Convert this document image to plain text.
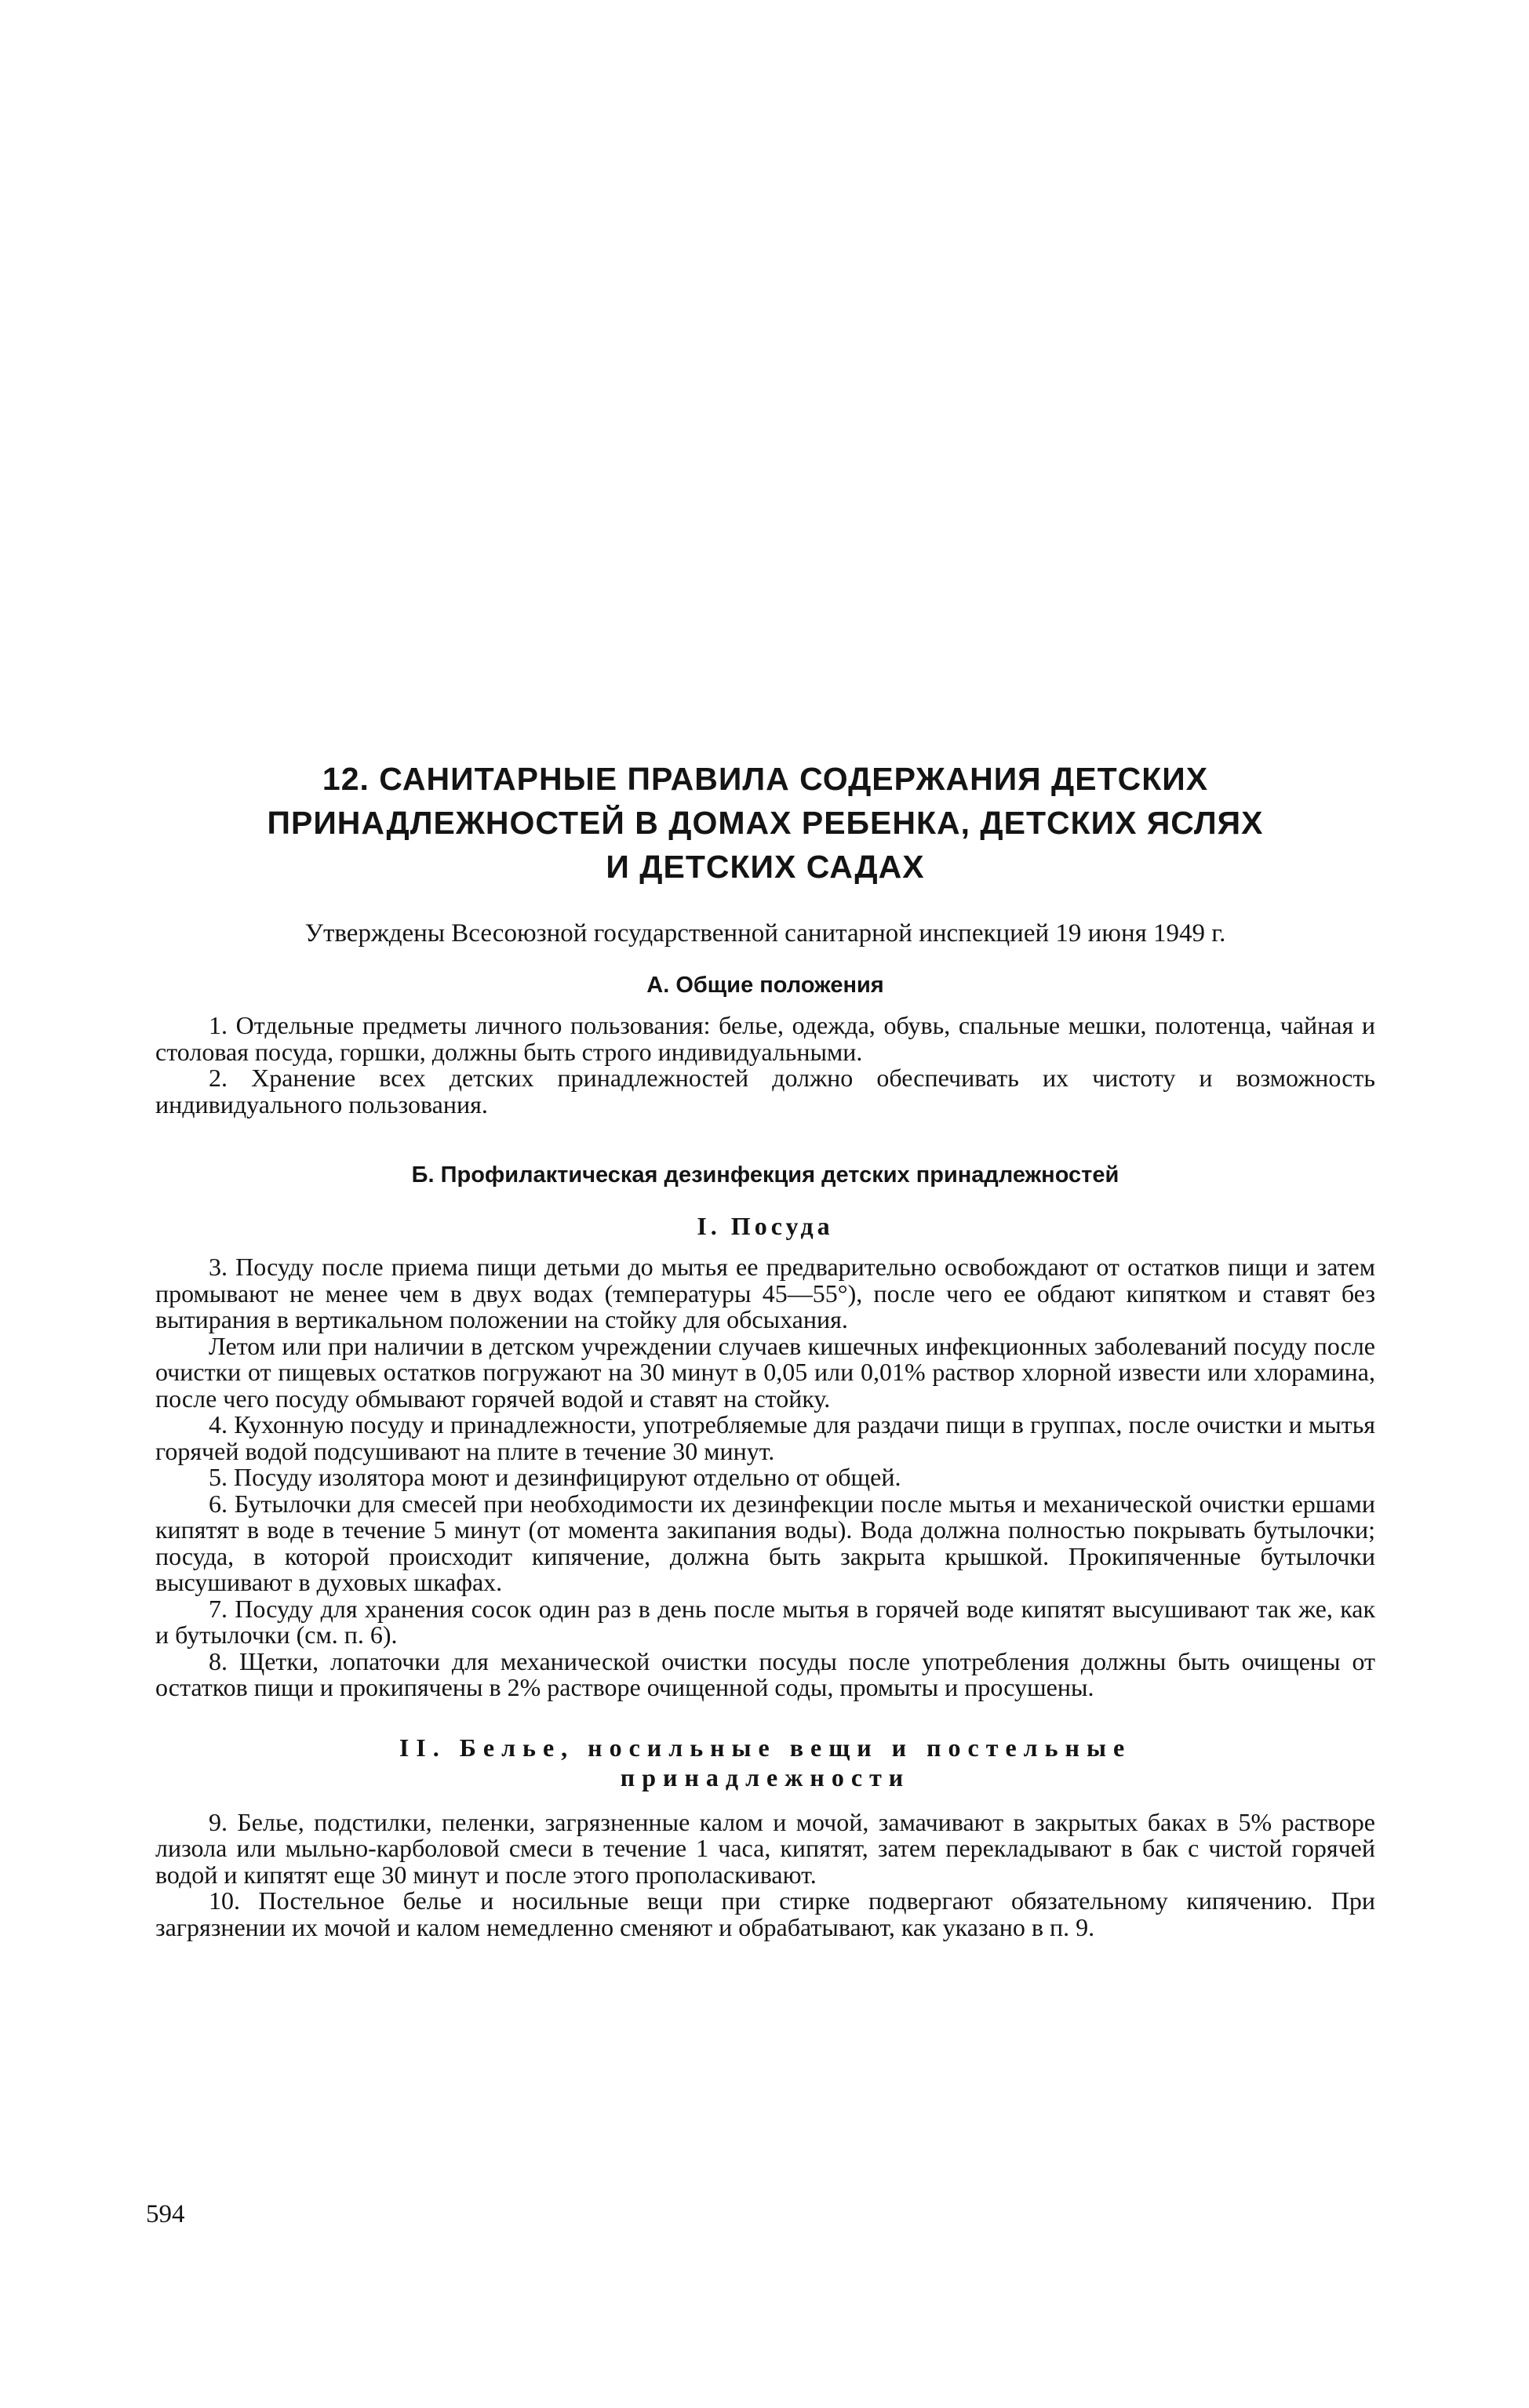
12. САНИТАРНЫЕ ПРАВИЛА СОДЕРЖАНИЯ ДЕТСКИХ
ПРИНАДЛЕЖНОСТЕЙ В ДОМАХ РЕБЕНКА, ДЕТСКИХ ЯСЛЯХ
И ДЕТСКИХ САДАХ

Утверждены Всесоюзной государственной санитарной инспекцией 19 июня 1949 г.

А. Общие положения

1. Отдельные предметы личного пользования: белье, одежда, обувь, спальные мешки, полотенца, чайная и столовая посуда, горшки, должны быть строго индивидуальными.

2. Хранение всех детских принадлежностей должно обеспечивать их чистоту и возможность индивидуального пользования.

Б. Профилактическая дезинфекция детских принадлежностей
I. Посуда

3. Посуду после приема пищи детьми до мытья ее предварительно освобождают от остатков пищи и затем промывают не менее чем в двух водах (температуры 45—55°), после чего ее обдают кипятком и ставят без вытирания в вертикальном положении на стойку для обсыхания.

Летом или при наличии в детском учреждении случаев кишечных инфекционных заболеваний посуду после очистки от пищевых остатков погружают на 30 минут в 0,05 или 0,01% раствор хлорной извести или хлорамина, после чего посуду обмывают горячей водой и ставят на стойку.

4. Кухонную посуду и принадлежности, употребляемые для раздачи пищи в группах, после очистки и мытья горячей водой подсушивают на плите в течение 30 минут.

5. Посуду изолятора моют и дезинфицируют отдельно от общей.

6. Бутылочки для смесей при необходимости их дезинфекции после мытья и механической очистки ершами кипятят в воде в течение 5 минут (от момента закипания воды). Вода должна полностью покрывать бутылочки; посуда, в которой происходит кипячение, должна быть закрыта крышкой. Прокипяченные бутылочки высушивают в духовых шкафах.

7. Посуду для хранения сосок один раз в день после мытья в горячей воде кипятят высушивают так же, как и бутылочки (см. п. 6).

8. Щетки, лопаточки для механической очистки посуды после употребления должны быть очищены от остатков пищи и прокипячены в 2% растворе очищенной соды, промыты и просушены.

II. Белье, носильные вещи и постельные
принадлежности

9. Белье, подстилки, пеленки, загрязненные калом и мочой, замачивают в закрытых баках в 5% растворе лизола или мыльно-карболовой смеси в течение 1 часа, кипятят, затем перекладывают в бак с чистой горячей водой и кипятят еще 30 минут и после этого прополаскивают.

10. Постельное белье и носильные вещи при стирке подвергают обязательному кипячению. При загрязнении их мочой и калом немедленно сменяют и обрабатывают, как указано в п. 9.

594
